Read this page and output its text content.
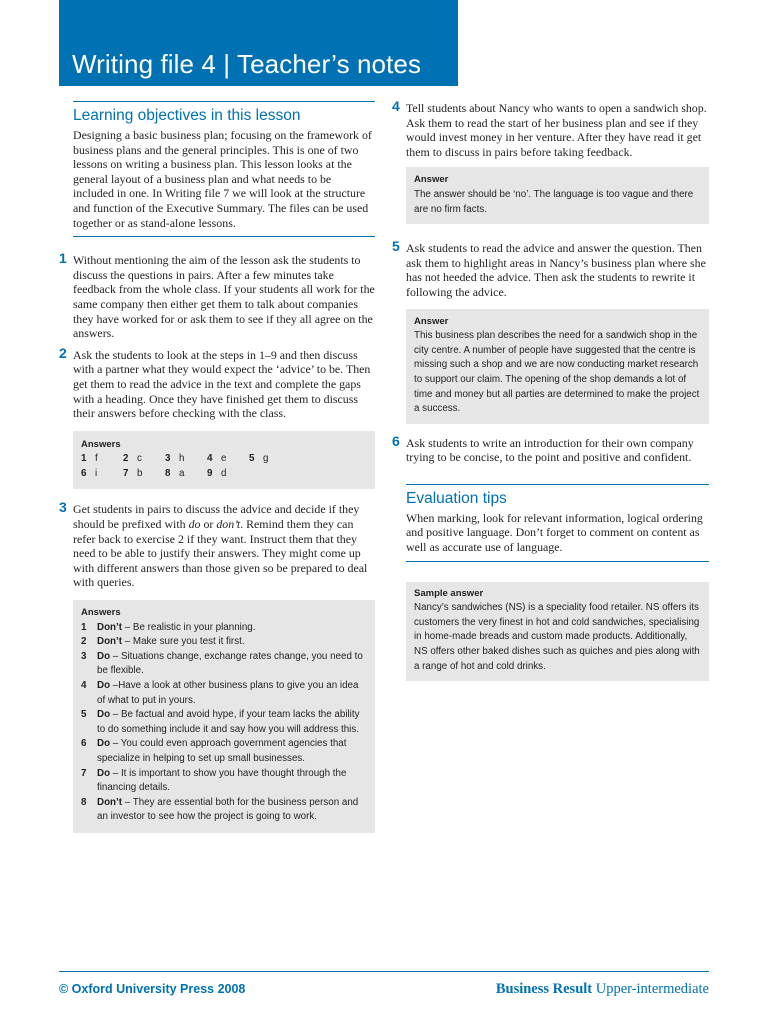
Writing file 4 | Teacher’s notes
Learning objectives in this lesson
Designing a basic business plan; focusing on the framework of business plans and the general principles. This is one of two lessons on writing a business plan. This lesson looks at the general layout of a business plan and what needs to be included in one. In Writing file 7 we will look at the structure and function of the Executive Summary. The files can be used together or as stand-alone lessons.
1 Without mentioning the aim of the lesson ask the students to discuss the questions in pairs. After a few minutes take feedback from the whole class. If your students all work for the same company then either get them to talk about companies they have worked for or ask them to see if they all agree on the answers.
2 Ask the students to look at the steps in 1–9 and then discuss with a partner what they would expect the ‘advice’ to be. Then get them to read the advice in the text and complete the gaps with a heading. Once they have finished get them to discuss their answers before checking with the class.
Answers
1 f	2 c	3 h	4 e	5 g
6 i	7 b	8 a	9 d
3 Get students in pairs to discuss the advice and decide if they should be prefixed with do or don’t. Remind them they can refer back to exercise 2 if they want. Instruct them that they need to be able to justify their answers. They might come up with different answers than those given so be prepared to deal with queries.
Answers
1 Don’t – Be realistic in your planning.
2 Don’t – Make sure you test it first.
3 Do – Situations change, exchange rates change, you need to be flexible.
4 Do –Have a look at other business plans to give you an idea of what to put in yours.
5 Do – Be factual and avoid hype, if your team lacks the ability to do something include it and say how you will address this.
6 Do – You could even approach government agencies that specialize in helping to set up small businesses.
7 Do – It is important to show you have thought through the financing details.
8 Don’t – They are essential both for the business person and an investor to see how the project is going to work.
4 Tell students about Nancy who wants to open a sandwich shop. Ask them to read the start of her business plan and see if they would invest money in her venture. After they have read it get them to discuss in pairs before taking feedback.
Answer
The answer should be ‘no’. The language is too vague and there are no firm facts.
5 Ask students to read the advice and answer the question. Then ask them to highlight areas in Nancy’s business plan where she has not heeded the advice. Then ask the students to rewrite it following the advice.
Answer
This business plan describes the need for a sandwich shop in the city centre. A number of people have suggested that the centre is missing such a shop and we are now conducting market research to support our claim. The opening of the shop demands a lot of time and money but all parties are determined to make the project a success.
6 Ask students to write an introduction for their own company trying to be concise, to the point and positive and confident.
Evaluation tips
When marking, look for relevant information, logical ordering and positive language. Don’t forget to comment on content as well as accurate use of language.
Sample answer
Nancy’s sandwiches (NS) is a speciality food retailer. NS offers its customers the very finest in hot and cold sandwiches, specialising in home-made breads and custom made products. Additionally, NS offers other baked dishes such as quiches and pies along with a range of hot and cold drinks.
© Oxford University Press 2008	Business Result Upper-intermediate
